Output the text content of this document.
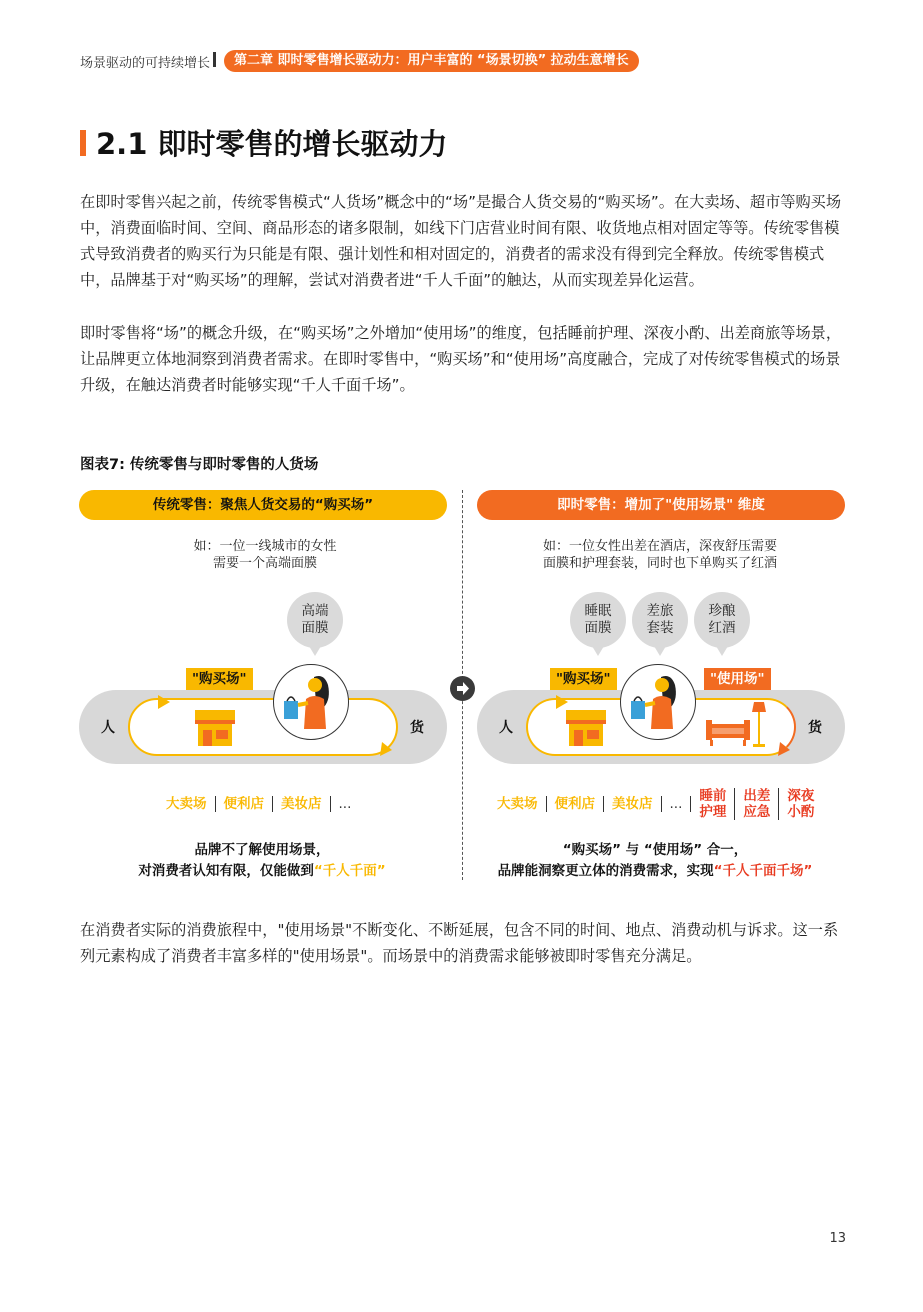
场景驱动的可持续增长	第二章 即时零售增长驱动力：用户丰富的 “场景切换” 拉动生意增长
2.1 即时零售的增长驱动力

在即时零售兴起之前，传统零售模式“人货场”概念中的“场”是撮合人货交易的“购买场”。在大卖场、超市等购买场中，消费面临时间、空间、商品形态的诸多限制，如线下门店营业时间有限、收货地点相对固定等等。传统零售模式导致消费者的购买行为只能是有限、强计划性和相对固定的，消费者的需求没有得到完全释放。传统零售模式中，品牌基于对“购买场”的理解，尝试对消费者进“千人千面”的触达，从而实现差异化运营。

即时零售将“场”的概念升级，在“购买场”之外增加“使用场”的维度，包括睡前护理、深夜小酌、出差商旅等场景，让品牌更立体地洞察到消费者需求。在即时零售中，“购买场”和“使用场”高度融合，完成了对传统零售模式的场景升级，在触达消费者时能够实现“千人千面千场”。

图表7: 传统零售与即时零售的人货场
传统零售：聚焦人货交易的“购买场”
如：一位一线城市的女性
需要一个高端面膜
高端
面膜
人	货
"购买场"
大卖场	便利店	美妆店	...
品牌不了解使用场景，
对消费者认知有限，仅能做到“千人千面”
即时零售：增加了"使用场景" 维度
如：一位女性出差在酒店，深夜舒压需要
面膜和护理套装，同时也下单购买了红酒
睡眠
面膜
差旅
套装
珍酿
红酒
人	货
"购买场"	"使用场"
大卖场	便利店	美妆店	...	睡前
护理
出差
应急
深夜
小酌
“购买场” 与 “使用场” 合一，
品牌能洞察更立体的消费需求，实现“千人千面千场”

在消费者实际的消费旅程中，"使用场景"不断变化、不断延展，包含不同的时间、地点、消费动机与诉求。这一系列元素构成了消费者丰富多样的"使用场景"。而场景中的消费需求能够被即时零售充分满足。

13
